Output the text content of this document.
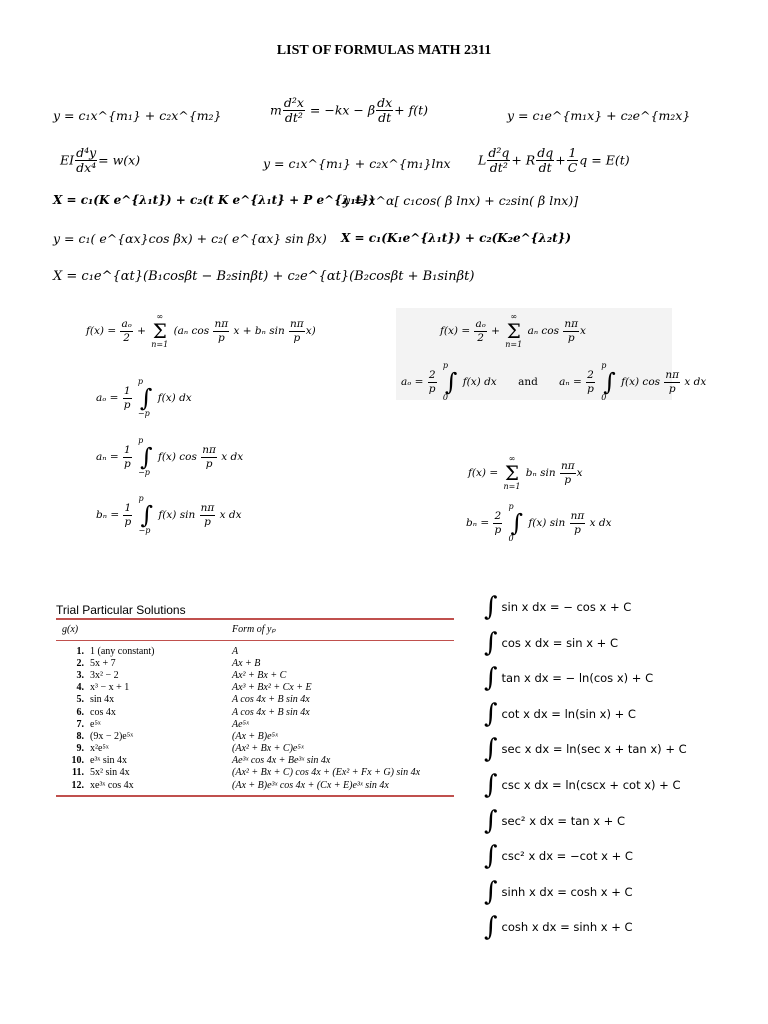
LIST OF FORMULAS MATH 2311
y = c₁x^{m₁} + c₂x^{m₂}	m $\frac{\text{d²x}}{\text{dt²}} = -kx - \beta \frac{dx}{dt} + f(t)$	y = c₁e^{m₁x} + c₂e^{m₂x}
EI $\frac{\text{d⁴y}}{\text{dx⁴}} = w(x)$	y = c₁x^{m₁} + c₂x^{m₁}lnx L $\frac{\text{d²q}}{\text{dt²}} + R \frac{dq}{dt} + \frac{1}{C}$ q = E(t)
X = c₁(K e^{λ₁t}) + c₂(t K e^{λ₁t} + P e^{λ₁t})
y = x^α[ c₁cos( β lnx) + c₂sin( β lnx)]
y = c₁( e^{αx}cos βx) + c₂( e^{αx} sin βx) X = c₁(K₁e^{λ₁t}) + c₂(K₂e^{λ₂t})
X = c₁e^{αt}(B₁cosβt − B₂sinβt) + c₂e^{αt}(B₂cosβt + B₁sinβt)
$f(x) = \frac{\text{aₒ}}{2}$ + ∞
Σ
n=1 (aₙ $\cos \frac{n\pi}{p}$ x + bₙ $\sin \frac{n\pi}{p} x$)
$a_o = \frac{1}{p}$
p
∫
−p f(x) dx
$a_n = \frac{1}{p}$
p
∫
−p f(x) $\cos \frac{n\pi}{p}$ x dx
$b_n = \frac{1}{p}$
p
∫
−p f(x) $\sin \frac{n\pi}{p}$ x dx
$f(x) = \frac{\text{aₒ}}{2}$ + ∞
Σ
n=1 aₙ $\cos \frac{n\pi}{p}$ x
$a_o = \frac{2}{p}$
p
∫
0 f(x) dx and $a_n = \frac{2}{p}$
p
∫
0 f(x) $\cos \frac{n\pi}{p}$ x dx
f(x) = ∞
Σ
n=1 bₙ $\sin \frac{n\pi}{p}$ x
$b_n = \frac{2}{p}$
p
∫
0 f(x) $\sin \frac{n\pi}{p}$ x dx
Trial Particular Solutions
g(x)	Form of yₚ
1. 1 (any constant)	A
2. 5x + 7	Ax + B
3. 3x² − 2	Ax² + Bx + C
4. x³ − x + 1	Ax³ + Bx² + Cx + E
5. sin 4x	A cos 4x + B sin 4x
6. cos 4x	A cos 4x + B sin 4x
7. e⁵ˣ	Ae⁵ˣ
8. (9x − 2)e⁵ˣ	(Ax + B)e⁵ˣ
9. x²e⁵ˣ	(Ax² + Bx + C)e⁵ˣ
10. e³ˣ sin 4x	Ae³ˣ cos 4x + Be³ˣ sin 4x
11. 5x² sin 4x	(Ax² + Bx + C) cos 4x + (Ex² + Fx + G) sin 4x
12. xe³ˣ cos 4x	(Ax + B)e³ˣ cos 4x + (Cx + E)e³ˣ sin 4x
∫ sin x dx = − cos x + C
∫ cos x dx = sin x + C
∫ tan x dx = − ln(cos x) + C
∫ cot x dx = ln(sin x) + C
∫ sec x dx = ln(sec x + tan x) + C
∫ csc x dx = ln(cscx + cot x) + C
∫ sec² x dx = tan x + C
∫ csc² x dx = −cot x + C
∫ sinh x dx = cosh x + C
∫ cosh x dx = sinh x + C
